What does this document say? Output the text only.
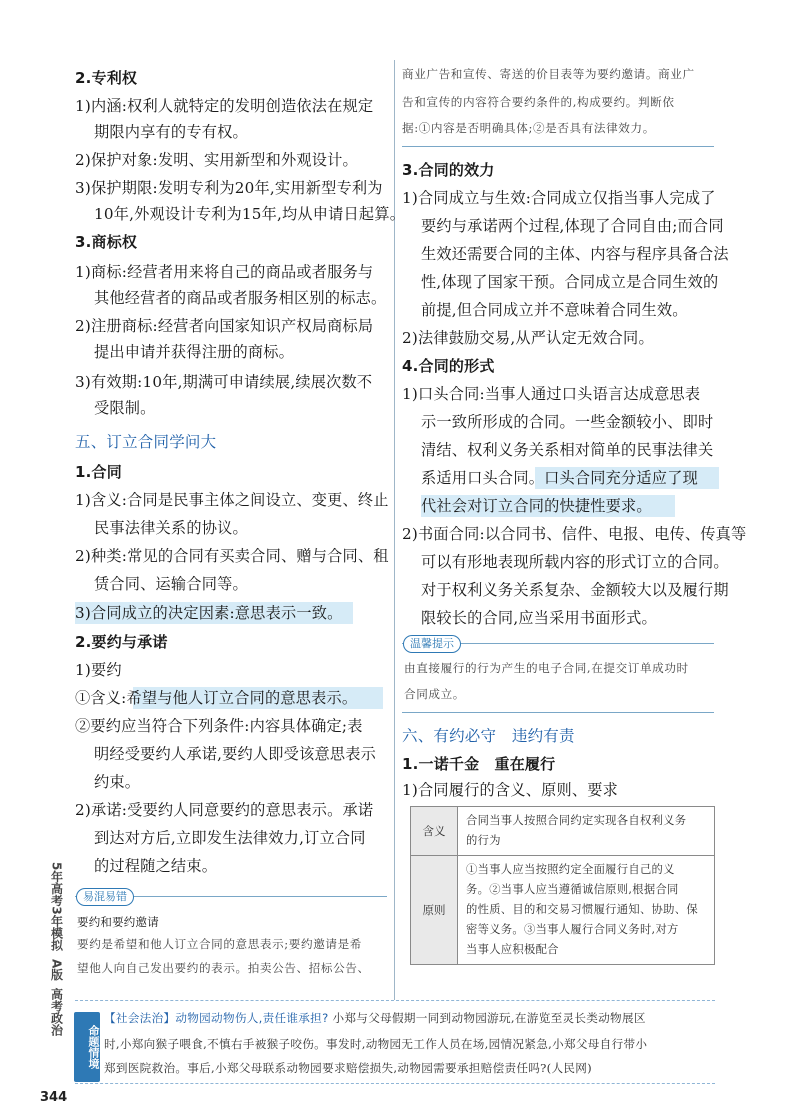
2.专利权
1)内涵:权利人就特定的发明创造依法在规定
期限内享有的专有权。
2)保护对象:发明、实用新型和外观设计。
3)保护期限:发明专利为20年,实用新型专利为
10年,外观设计专利为15年,均从申请日起算。
3.商标权
1)商标:经营者用来将自己的商品或者服务与
其他经营者的商品或者服务相区别的标志。
2)注册商标:经营者向国家知识产权局商标局
提出申请并获得注册的商标。
3)有效期:10年,期满可申请续展,续展次数不
受限制。
五、订立合同学问大
1.合同
1)含义:合同是民事主体之间设立、变更、终止
民事法律关系的协议。
2)种类:常见的合同有买卖合同、赠与合同、租
赁合同、运输合同等。
3)合同成立的决定因素:意思表示一致。
2.要约与承诺
1)要约
①含义:希望与他人订立合同的意思表示。
②要约应当符合下列条件:内容具体确定;表
明经受要约人承诺,要约人即受该意思表示
约束。
2)承诺:受要约人同意要约的意思表示。承诺
到达对方后,立即发生法律效力,订立合同
的过程随之结束。
易混易错
要约和要约邀请
要约是希望和他人订立合同的意思表示;要约邀请是希
望他人向自己发出要约的表示。拍卖公告、招标公告、
商业广告和宣传、寄送的价目表等为要约邀请。商业广
告和宣传的内容符合要约条件的,构成要约。判断依
据:①内容是否明确具体;②是否具有法律效力。
3.合同的效力
1)合同成立与生效:合同成立仅指当事人完成了
要约与承诺两个过程,体现了合同自由;而合同
生效还需要合同的主体、内容与程序具备合法
性,体现了国家干预。合同成立是合同生效的
前提,但合同成立并不意味着合同生效。
2)法律鼓励交易,从严认定无效合同。
4.合同的形式
1)口头合同:当事人通过口头语言达成意思表
示一致所形成的合同。一些金额较小、即时
清结、权利义务关系相对简单的民事法律关
系适用口头合同。口头合同充分适应了现
代社会对订立合同的快捷性要求。
2)书面合同:以合同书、信件、电报、电传、传真等
可以有形地表现所载内容的形式订立的合同。
对于权利义务关系复杂、金额较大以及履行期
限较长的合同,应当采用书面形式。
温馨提示
由直接履行的行为产生的电子合同,在提交订单成功时
合同成立。
六、有约必守　违约有责
1.一诺千金　重在履行
1)合同履行的含义、原则、要求
含义
合同当事人按照合同约定实现各自权利义务
的行为
原则
①当事人应当按照约定全面履行自己的义
务。②当事人应当遵循诚信原则,根据合同
的性质、目的和交易习惯履行通知、协助、保
密等义务。③当事人履行合同义务时,对方
当事人应积极配合
5年高考3年模拟
A版
高考政治
344
命题情境
【社会法治】动物园动物伤人,责任谁承担? 小郑与父母假期一同到动物园游玩,在游览至灵长类动物展区
时,小郑向猴子喂食,不慎右手被猴子咬伤。事发时,动物园无工作人员在场,园情况紧急,小郑父母自行带小
郑到医院救治。事后,小郑父母联系动物园要求赔偿损失,动物园需要承担赔偿责任吗?(人民网)
